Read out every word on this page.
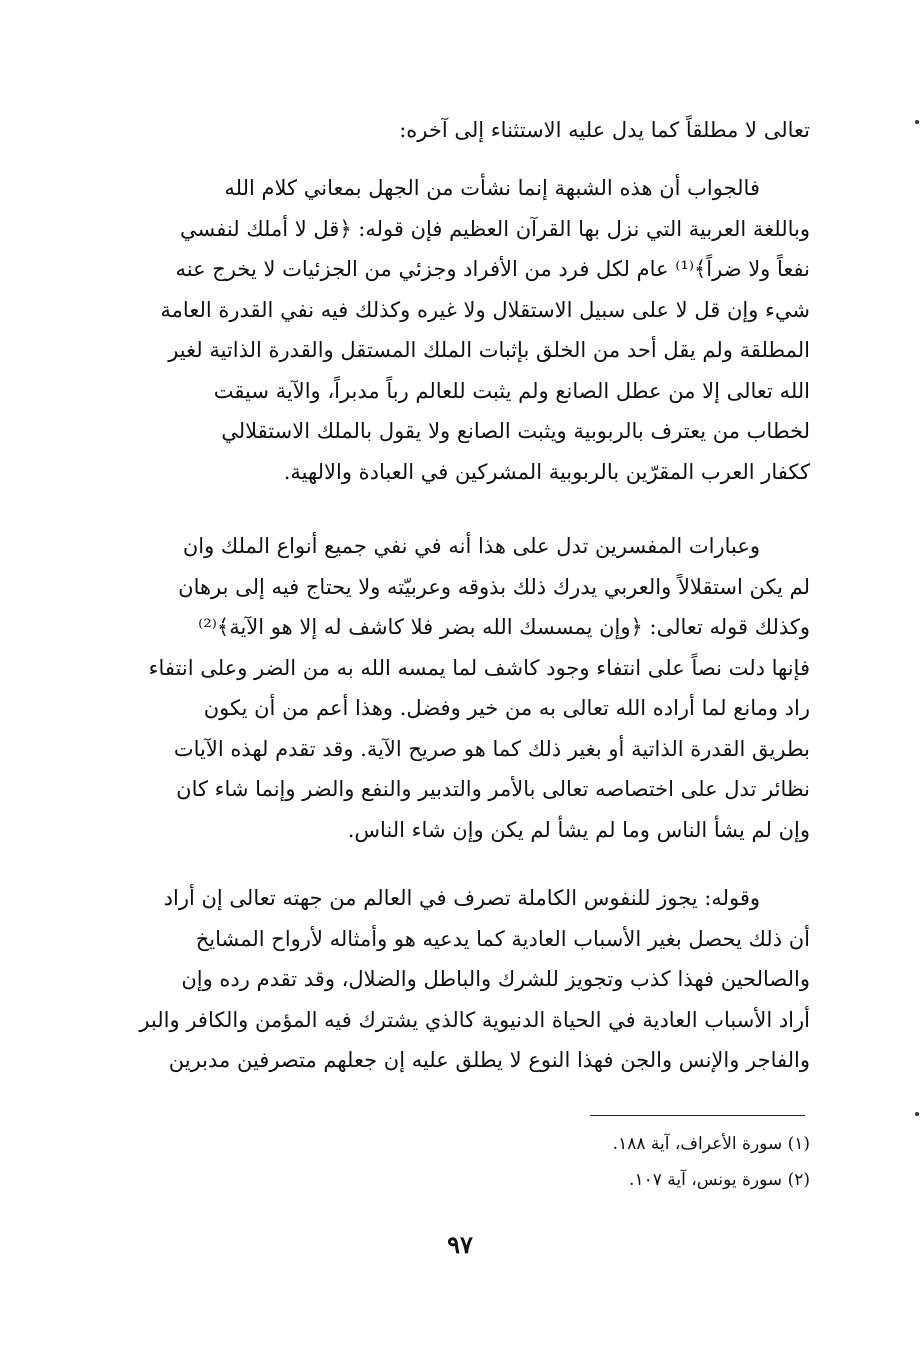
تعالى لا مطلقاً كما يدل عليه الاستثناء إلى آخره:
فالجواب أن هذه الشبهة إنما نشأت من الجهل بمعاني كلام الله
وباللغة العربية التي نزل بها القرآن العظيم فإن قوله: ﴿قل لا أملك لنفسي
نفعاً ولا ضراً﴾⁽¹⁾ عام لكل فرد من الأفراد وجزئي من الجزئيات لا يخرج عنه
شيء وإن قل لا على سبيل الاستقلال ولا غيره وكذلك فيه نفي القدرة العامة
المطلقة ولم يقل أحد من الخلق بإثبات الملك المستقل والقدرة الذاتية لغير
الله تعالى إلا من عطل الصانع ولم يثبت للعالم رباً مدبراً، والآية سيقت
لخطاب من يعترف بالربوبية ويثبت الصانع ولا يقول بالملك الاستقلالي
ككفار العرب المقرّين بالربوبية المشركين في العبادة والالهية.
وعبارات المفسرين تدل على هذا أنه في نفي جميع أنواع الملك وان
لم يكن استقلالاً والعربي يدرك ذلك بذوقه وعربيّته ولا يحتاج فيه إلى برهان
وكذلك قوله تعالى: ﴿وإن يمسسك الله بضر فلا كاشف له إلا هو الآية﴾⁽²⁾
فإنها دلت نصاً على انتفاء وجود كاشف لما يمسه الله به من الضر وعلى انتفاء
راد ومانع لما أراده الله تعالى به من خير وفضل. وهذا أعم من أن يكون
بطريق القدرة الذاتية أو بغير ذلك كما هو صريح الآية. وقد تقدم لهذه الآيات
نظائر تدل على اختصاصه تعالى بالأمر والتدبير والنفع والضر وإنما شاء كان
وإن لم يشأ الناس وما لم يشأ لم يكن وإن شاء الناس.
وقوله: يجوز للنفوس الكاملة تصرف في العالم من جهته تعالى إن أراد
أن ذلك يحصل بغير الأسباب العادية كما يدعيه هو وأمثاله لأرواح المشايخ
والصالحين فهذا كذب وتجويز للشرك والباطل والضلال، وقد تقدم رده وإن
أراد الأسباب العادية في الحياة الدنيوية كالذي يشترك فيه المؤمن والكافر والبر
والفاجر والإنس والجن فهذا النوع لا يطلق عليه إن جعلهم متصرفين مدبرين
(١) سورة الأعراف، آية ١٨٨.
(٢) سورة يونس، آية ١٠٧.
٩٧
